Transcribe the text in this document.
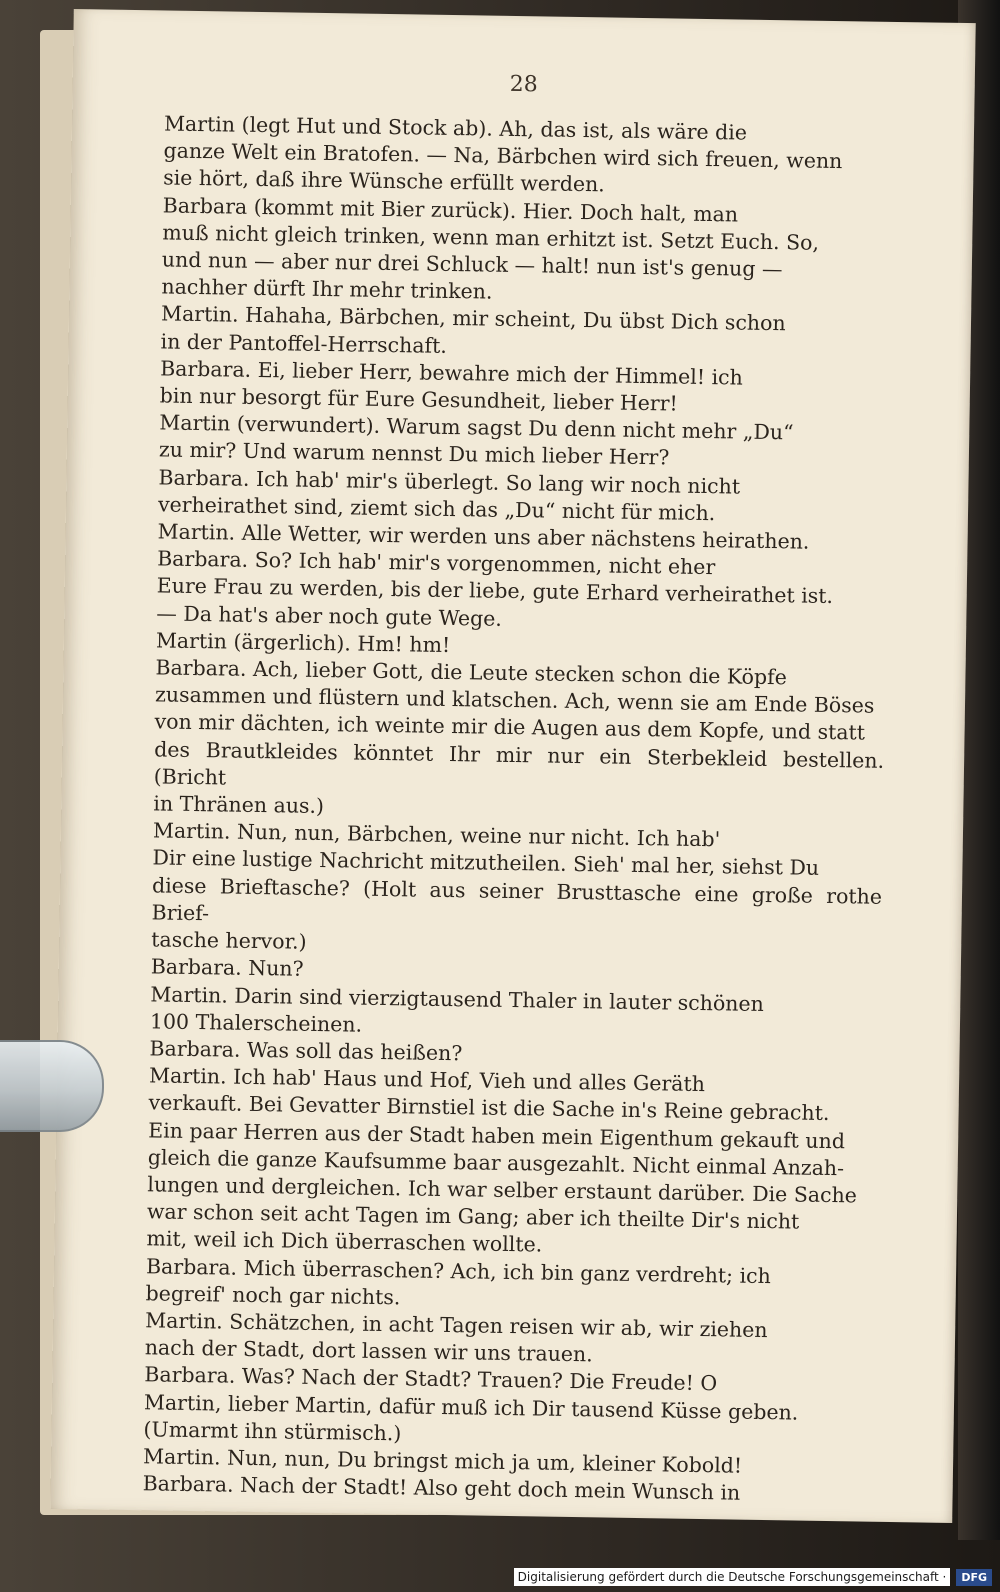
28
Martin (legt Hut und Stock ab). Ah, das ist, als wäre die
ganze Welt ein Bratofen. — Na, Bärbchen wird sich freuen, wenn
sie hört, daß ihre Wünsche erfüllt werden.
Barbara (kommt mit Bier zurück). Hier. Doch halt, man
muß nicht gleich trinken, wenn man erhitzt ist. Setzt Euch. So,
und nun — aber nur drei Schluck — halt! nun ist's genug —
nachher dürft Ihr mehr trinken.
Martin. Hahaha, Bärbchen, mir scheint, Du übst Dich schon
in der Pantoffel-Herrschaft.
Barbara. Ei, lieber Herr, bewahre mich der Himmel! ich
bin nur besorgt für Eure Gesundheit, lieber Herr!
Martin (verwundert). Warum sagst Du denn nicht mehr „Du“
zu mir? Und warum nennst Du mich lieber Herr?
Barbara. Ich hab' mir's überlegt. So lang wir noch nicht
verheirathet sind, ziemt sich das „Du“ nicht für mich.
Martin. Alle Wetter, wir werden uns aber nächstens heirathen.
Barbara. So? Ich hab' mir's vorgenommen, nicht eher
Eure Frau zu werden, bis der liebe, gute Erhard verheirathet ist.
— Da hat's aber noch gute Wege.
Martin (ärgerlich). Hm! hm!
Barbara. Ach, lieber Gott, die Leute stecken schon die Köpfe
zusammen und flüstern und klatschen. Ach, wenn sie am Ende Böses
von mir dächten, ich weinte mir die Augen aus dem Kopfe, und statt
des Brautkleides könntet Ihr mir nur ein Sterbekleid bestellen. (Bricht
in Thränen aus.)
Martin. Nun, nun, Bärbchen, weine nur nicht. Ich hab'
Dir eine lustige Nachricht mitzutheilen. Sieh' mal her, siehst Du
diese Brieftasche? (Holt aus seiner Brusttasche eine große rothe Brief-
tasche hervor.)
Barbara. Nun?
Martin. Darin sind vierzigtausend Thaler in lauter schönen
100 Thalerscheinen.
Barbara. Was soll das heißen?
Martin. Ich hab' Haus und Hof, Vieh und alles Geräth
verkauft. Bei Gevatter Birnstiel ist die Sache in's Reine gebracht.
Ein paar Herren aus der Stadt haben mein Eigenthum gekauft und
gleich die ganze Kaufsumme baar ausgezahlt. Nicht einmal Anzah-
lungen und dergleichen. Ich war selber erstaunt darüber. Die Sache
war schon seit acht Tagen im Gang; aber ich theilte Dir's nicht
mit, weil ich Dich überraschen wollte.
Barbara. Mich überraschen? Ach, ich bin ganz verdreht; ich
begreif' noch gar nichts.
Martin. Schätzchen, in acht Tagen reisen wir ab, wir ziehen
nach der Stadt, dort lassen wir uns trauen.
Barbara. Was? Nach der Stadt? Trauen? Die Freude! O
Martin, lieber Martin, dafür muß ich Dir tausend Küsse geben.
(Umarmt ihn stürmisch.)
Martin. Nun, nun, Du bringst mich ja um, kleiner Kobold!
Barbara. Nach der Stadt! Also geht doch mein Wunsch in
Digitalisierung gefördert durch die Deutsche Forschungsgemeinschaft ·	DFG
